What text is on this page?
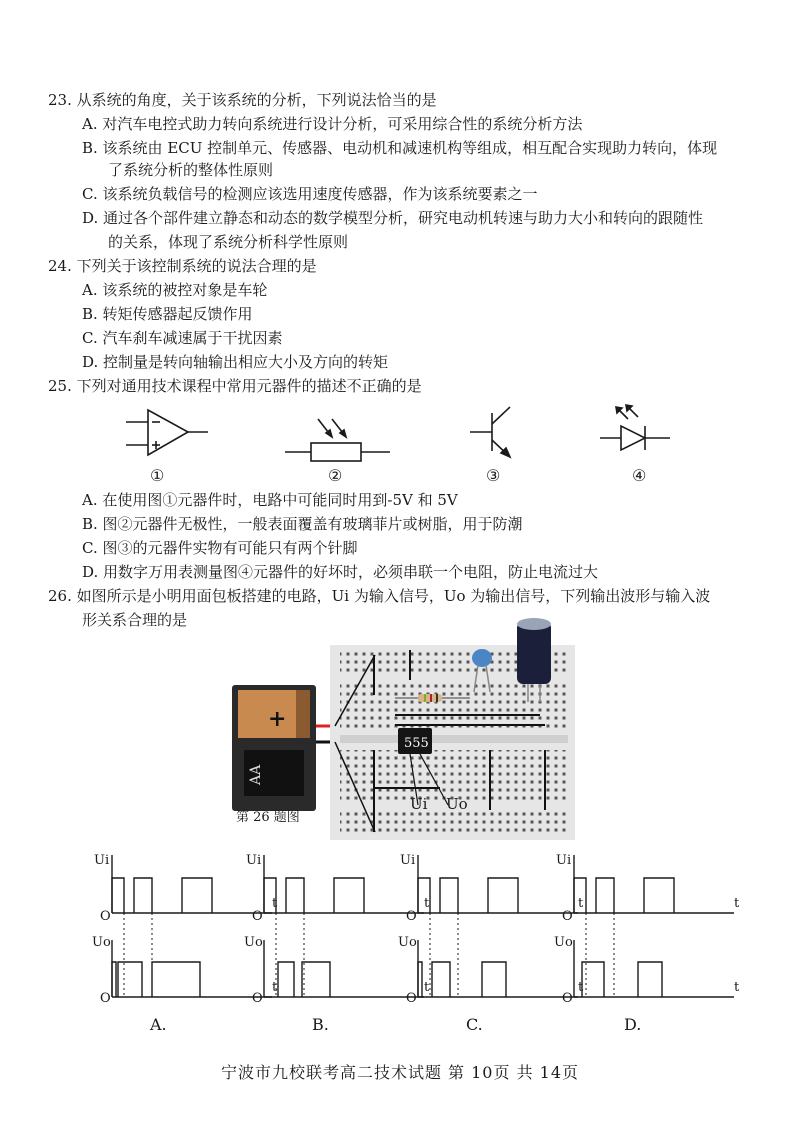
23. 从系统的角度，关于该系统的分析，下列说法恰当的是
A. 对汽车电控式助力转向系统进行设计分析，可采用综合性的系统分析方法
B. 该系统由 ECU 控制单元、传感器、电动机和减速机构等组成，相互配合实现助力转向，体现
了系统分析的整体性原则
C. 该系统负载信号的检测应该选用速度传感器，作为该系统要素之一
D. 通过各个部件建立静态和动态的数学模型分析，研究电动机转速与助力大小和转向的跟随性
的关系，体现了系统分析科学性原则
24. 下列关于该控制系统的说法合理的是
A. 该系统的被控对象是车轮
B. 转矩传感器起反馈作用
C. 汽车刹车减速属于干扰因素
D. 控制量是转向轴输出相应大小及方向的转矩
25. 下列对通用技术课程中常用元器件的描述不正确的是
①	②	③	④
A. 在使用图①元器件时，电路中可能同时用到-5V 和 5V
B. 图②元器件无极性，一般表面覆盖有玻璃菲片或树脂，用于防潮
C. 图③的元器件实物有可能只有两个针脚
D. 用数字万用表测量图④元器件的好坏时，必须串联一个电阻，防止电流过大
26. 如图所示是小明用面包板搭建的电路，Ui 为输入信号，Uo 为输出信号，下列输出波形与输入波
形关系合理的是
+
AA
555
Ui Uo
第 26 题图
Ui
O
t
Uo
O
t
Ui
O
t
Uo
O
t
Ui
O
t
Uo
O
t
Ui
O
t
Uo
O
t
A.	B.	C.	D.
宁波市九校联考高二技术试题 第 10页 共 14页
